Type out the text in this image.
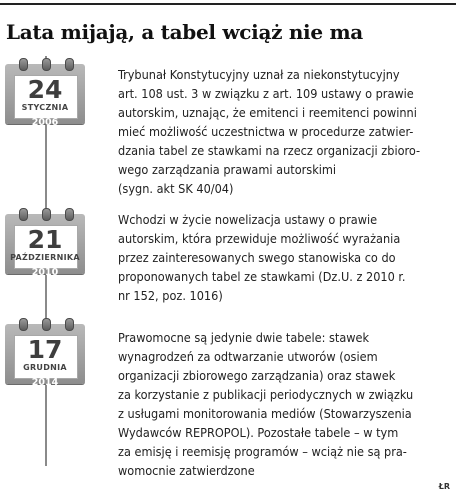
Lata mijają, a tabel wciąż nie ma
24
STYCZNIA
2006
Trybunał Konstytucyjny uznał za niekonstytucyjny
art. 108 ust. 3 w związku z art. 109 ustawy o prawie
autorskim, uznając, że emitenci i reemitenci powinni
mieć możliwość uczestnictwa w procedurze zatwier-
dzania tabel ze stawkami na rzecz organizacji zbioro-
wego zarządzania prawami autorskimi
(sygn. akt SK 40/04)
21
PAŹDZIERNIKA
2010
Wchodzi w życie nowelizacja ustawy o prawie
autorskim, która przewiduje możliwość wyrażania
przez zainteresowanych swego stanowiska co do
proponowanych tabel ze stawkami (Dz.U. z 2010 r.
nr 152, poz. 1016)
17
GRUDNIA
2014
Prawomocne są jedynie dwie tabele: stawek
wynagrodzeń za odtwarzanie utworów (osiem
organizacji zbiorowego zarządzania) oraz stawek
za korzystanie z publikacji periodycznych w związku
z usługami monitorowania mediów (Stowarzyszenia
Wydawców REPROPOL). Pozostałe tabele – w tym
za emisję i reemisję programów – wciąż nie są pra-
womocnie zatwierdzone
ŁR
